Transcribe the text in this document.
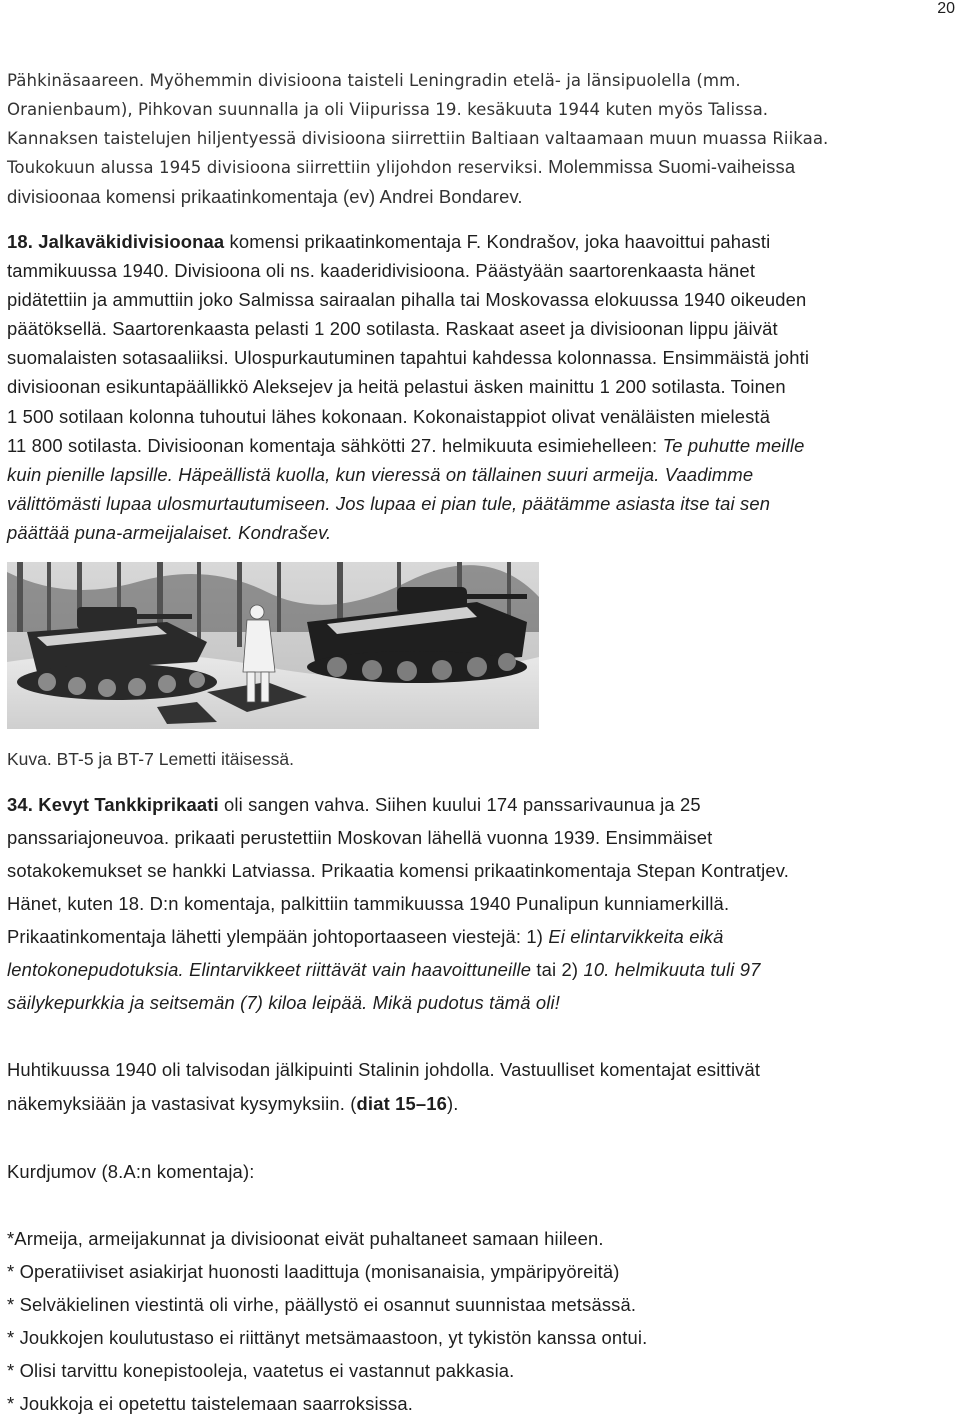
20
Pähkinäsaareen. Myöhemmin divisioona taisteli Leningradin etelä- ja länsipuolella (mm.
Oranienbaum), Pihkovan suunnalla ja oli Viipurissa 19. kesäkuuta 1944 kuten myös Talissa.
Kannaksen taistelujen hiljentyessä divisioona siirrettiin Baltiaan valtaamaan muun muassa Riikaa.
Toukokuun alussa 1945 divisioona siirrettiin ylijohdon reserviksi. Molemmissa Suomi-vaiheissa
divisioonaa komensi prikaatinkomentaja (ev) Andrei Bondarev.
18. Jalkaväkidivisioonaa komensi prikaatinkomentaja F. Kondrašov, joka haavoittui pahasti
tammikuussa 1940. Divisioona oli ns. kaaderidivisioona. Päästyään saartorenkaasta hänet
pidätettiin ja ammuttiin joko Salmissa sairaalan pihalla tai Moskovassa elokuussa 1940 oikeuden
päätöksellä. Saartorenkaasta pelasti 1 200 sotilasta. Raskaat aseet ja divisioonan lippu jäivät
suomalaisten sotasaaliiksi. Ulospurkautuminen tapahtui kahdessa kolonnassa. Ensimmäistä johti
divisioonan esikuntapäällikkö Aleksejev ja heitä pelastui äsken mainittu 1 200 sotilasta. Toinen
1 500 sotilaan kolonna tuhoutui lähes kokonaan. Kokonaistappiot olivat venäläisten mielestä
11 800 sotilasta. Divisioonan komentaja sähkötti 27. helmikuuta esimiehelleen: Te puhutte meille
kuin pienille lapsille. Häpeällistä kuolla, kun vieressä on tällainen suuri armeija. Vaadimme
välittömästi lupaa ulosmurtautumiseen. Jos lupaa ei pian tule, päätämme asiasta itse tai sen
päättää puna-armeijalaiset. Kondrašev.
Kuva. BT-5 ja BT-7 Lemetti itäisessä.
34. Kevyt Tankkiprikaati oli sangen vahva. Siihen kuului 174 panssarivaunua ja 25
panssariajoneuvoa. prikaati perustettiin Moskovan lähellä vuonna 1939. Ensimmäiset
sotakokemukset se hankki Latviassa. Prikaatia komensi prikaatinkomentaja Stepan Kontratjev.
Hänet, kuten 18. D:n komentaja, palkittiin tammikuussa 1940 Punalipun kunniamerkillä.
Prikaatinkomentaja lähetti ylempään johtoportaaseen viestejä: 1) Ei elintarvikkeita eikä
lentokonepudotuksia. Elintarvikkeet riittävät vain haavoittuneille tai 2) 10. helmikuuta tuli 97
säilykepurkkia ja seitsemän (7) kiloa leipää. Mikä pudotus tämä oli!
Huhtikuussa 1940 oli talvisodan jälkipuinti Stalinin johdolla. Vastuulliset komentajat esittivät
näkemyksiään ja vastasivat kysymyksiin. (diat 15–16).
Kurdjumov (8.A:n komentaja):
*Armeija, armeijakunnat ja divisioonat eivät puhaltaneet samaan hiileen.
* Operatiiviset asiakirjat huonosti laadittuja (monisanaisia, ympäripyöreitä)
* Selväkielinen viestintä oli virhe, päällystö ei osannut suunnistaa metsässä.
* Joukkojen koulutustaso ei riittänyt metsämaastoon, yt tykistön kanssa ontui.
* Olisi tarvittu konepistooleja, vaatetus ei vastannut pakkasia.
* Joukkoja ei opetettu taistelemaan saarroksissa.
